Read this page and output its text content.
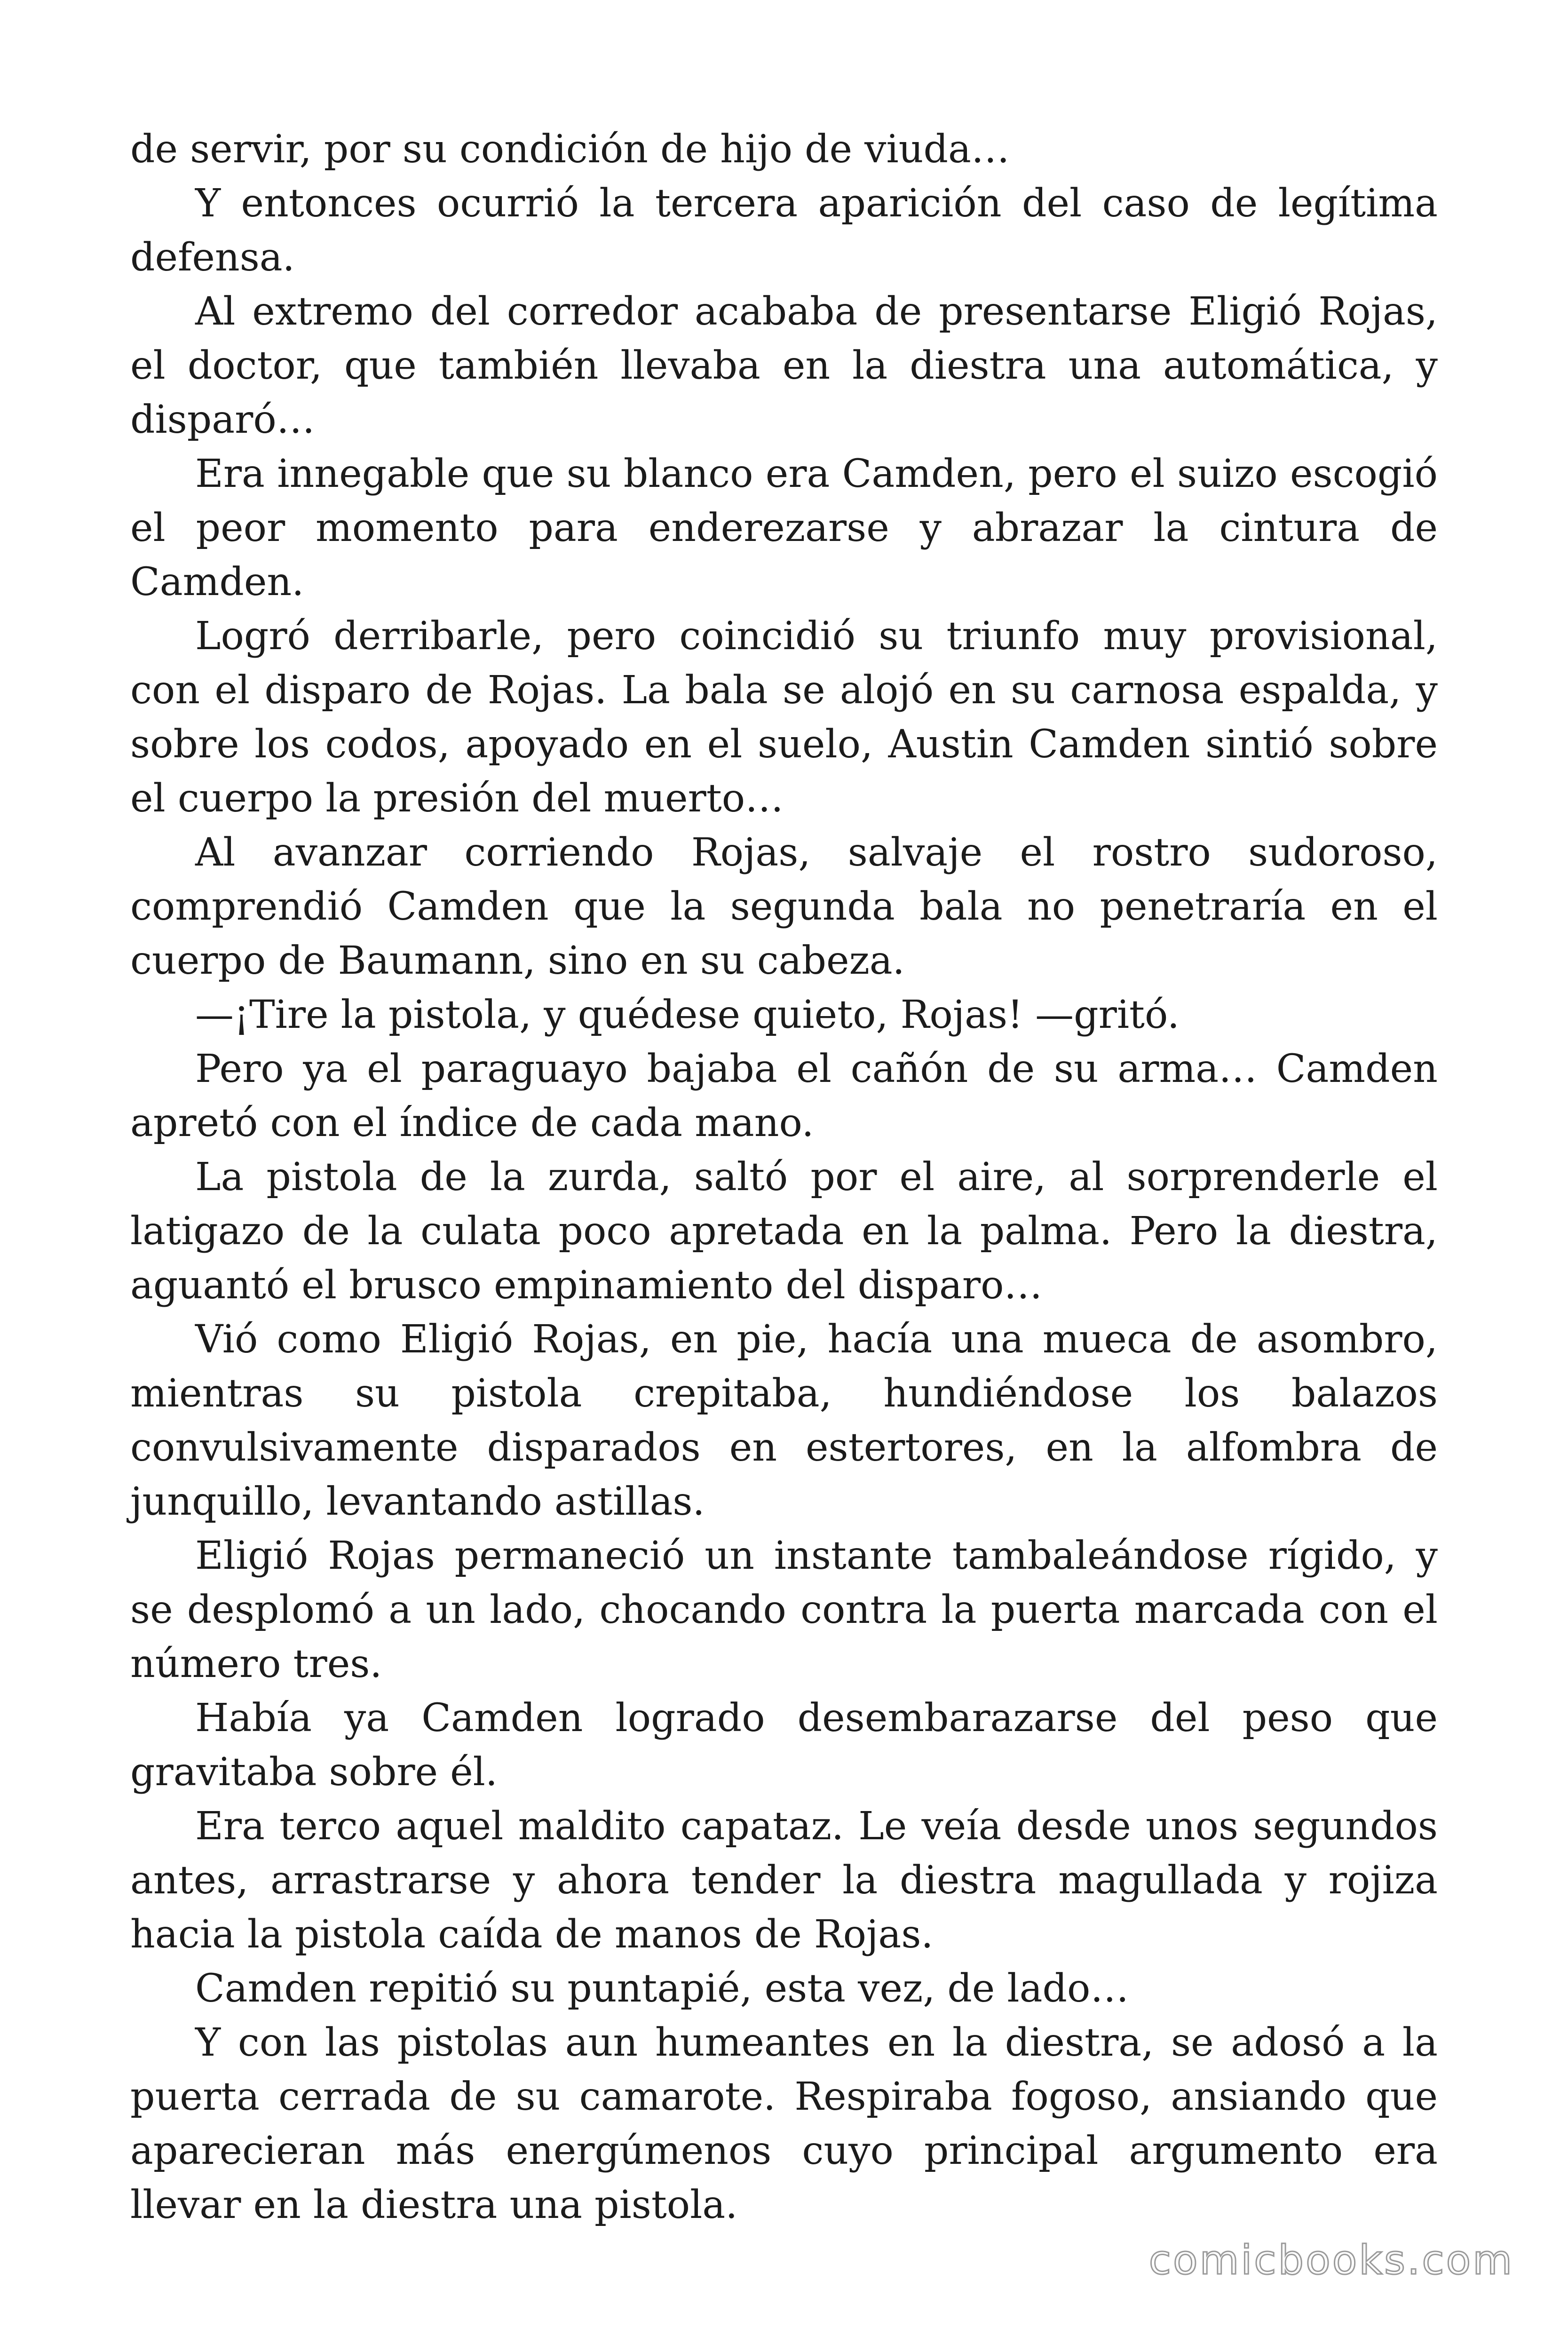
de servir, por su condición de hijo de viuda…

Y entonces ocurrió la tercera aparición del caso de legítima defensa.

Al extremo del corredor acababa de presentarse Eligió Rojas, el doctor, que también llevaba en la diestra una automática, y disparó…

Era innegable que su blanco era Camden, pero el suizo escogió el peor momento para enderezarse y abrazar la cintura de Camden.

Logró derribarle, pero coincidió su triunfo muy provisional, con el disparo de Rojas. La bala se alojó en su carnosa espalda, y sobre los codos, apoyado en el suelo, Austin Camden sintió sobre el cuerpo la presión del muerto…

Al avanzar corriendo Rojas, salvaje el rostro sudoroso, comprendió Camden que la segunda bala no penetraría en el cuerpo de Baumann, sino en su cabeza.

—¡Tire la pistola, y quédese quieto, Rojas! —gritó.

Pero ya el paraguayo bajaba el cañón de su arma… Camden apretó con el índice de cada mano.

La pistola de la zurda, saltó por el aire, al sorprenderle el latigazo de la culata poco apretada en la palma. Pero la diestra, aguantó el brusco empinamiento del disparo…

Vió como Eligió Rojas, en pie, hacía una mueca de asombro, mientras su pistola crepitaba, hundiéndose los balazos convulsivamente disparados en estertores, en la alfombra de junquillo, levantando astillas.

Eligió Rojas permaneció un instante tambaleándose rígido, y se desplomó a un lado, chocando contra la puerta marcada con el número tres.

Había ya Camden logrado desembarazarse del peso que gravitaba sobre él.

Era terco aquel maldito capataz. Le veía desde unos segundos antes, arrastrarse y ahora tender la diestra magullada y rojiza hacia la pistola caída de manos de Rojas.

Camden repitió su puntapié, esta vez, de lado…

Y con las pistolas aun humeantes en la diestra, se adosó a la puerta cerrada de su camarote. Respiraba fogoso, ansiando que aparecieran más energúmenos cuyo principal argumento era llevar en la diestra una pistola.

comicbooks.com
